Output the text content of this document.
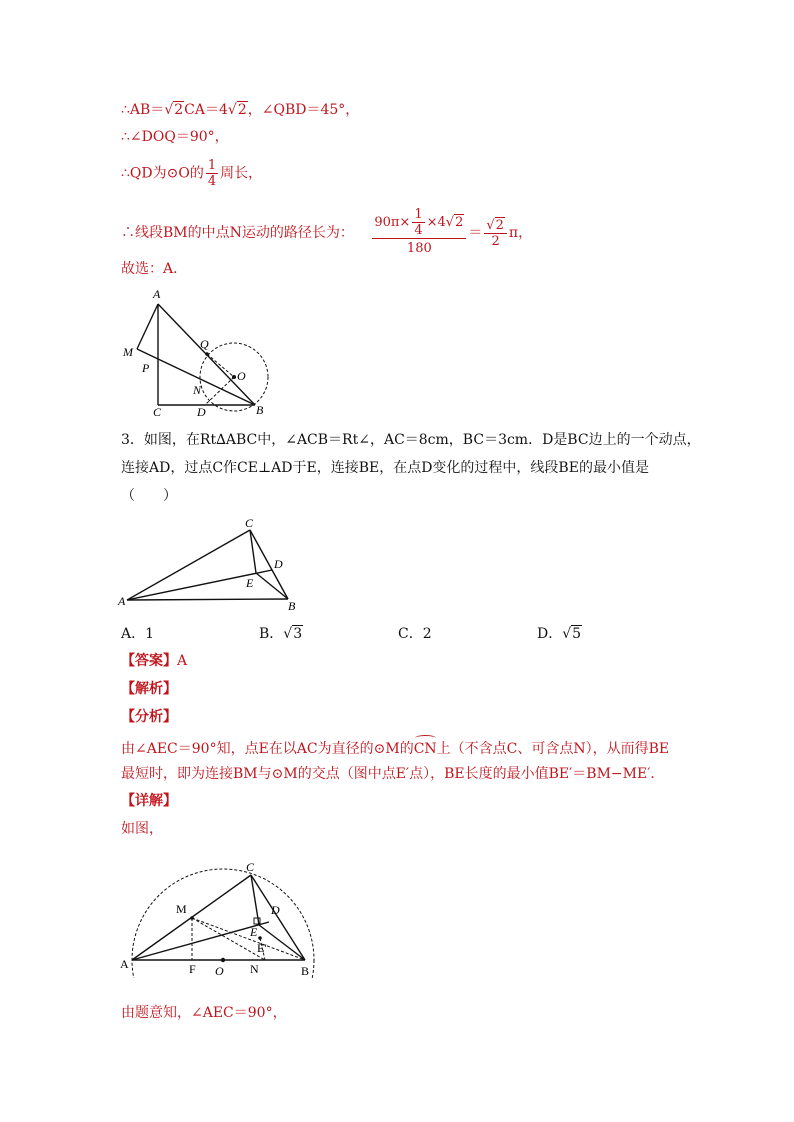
∴AB＝√2CA＝4√2，∠QBD＝45°，
∴∠DOQ＝90°，
∴QD为⊙O的 $\frac{1}{4}$ 周长，
∴线段BM的中点N运动的路径长为： $\frac{90\pi\times \frac{1}{4} \times 4√2}{180} = \frac{√2}{2}$ π，
故选：A．
A
M
P
Q
N
O
C	D	B
3．如图，在Rt∆ABC中，∠ACB＝Rt∠，AC＝8cm，BC＝3cm．D是BC边上的一个动点，
连接AD，过点C作CE⊥AD于E，连接BE，在点D变化的过程中，线段BE的最小值是
（　　）
C
D
E
A	B
A．1	B．√3	C．2	D．√5
【答案】A
【解析】
【分析】
由∠AEC＝90°知，点E在以AC为直径的⊙M的
CN上（不含点C、可含点N），从而得BE
最短时，即为连接BM与⊙M的交点（图中点E′点），BE长度的最小值BE′＝BM−ME′．
【详解】
如图，
C
D
M
E
E′
A	F O N	B
由题意知，∠AEC＝90°，
